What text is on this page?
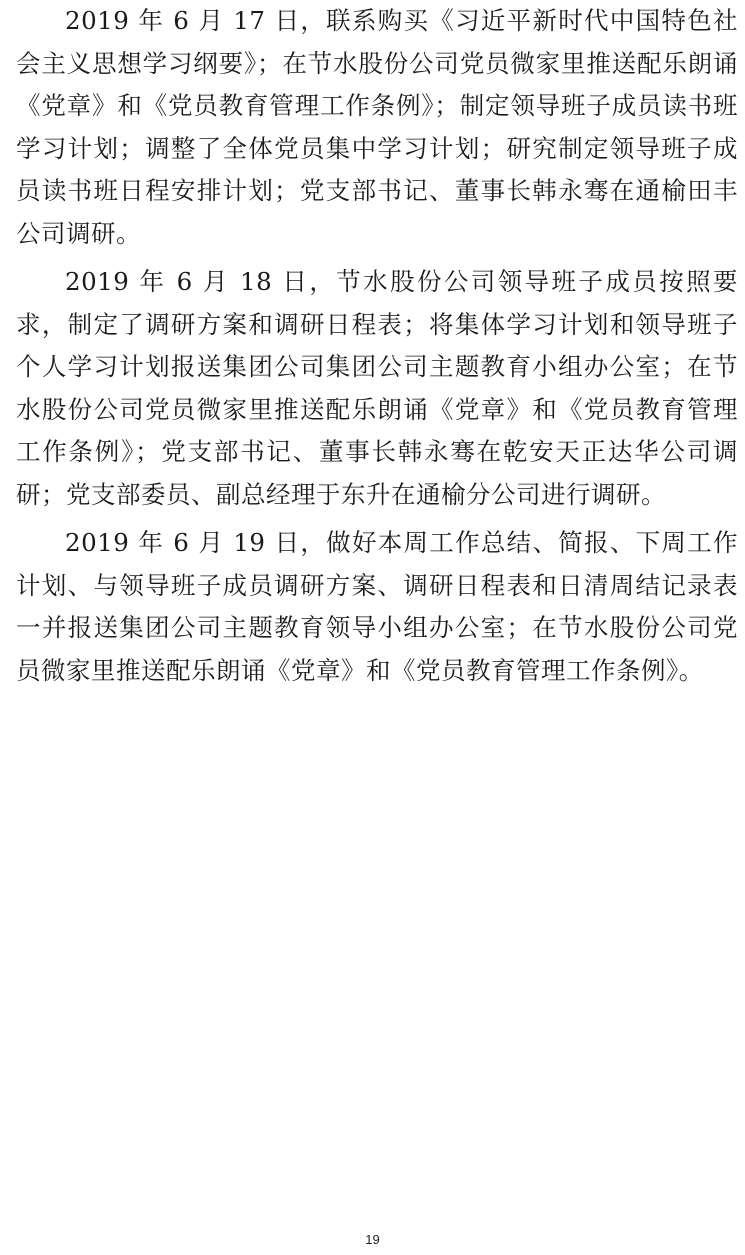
2019 年 6 月 17 日，联系购买《习近平新时代中国特色社会主义思想学习纲要》；在节水股份公司党员微家里推送配乐朗诵《党章》和《党员教育管理工作条例》；制定领导班子成员读书班学习计划；调整了全体党员集中学习计划；研究制定领导班子成员读书班日程安排计划；党支部书记、董事长韩永骞在通榆田丰公司调研。

2019 年 6 月 18 日，节水股份公司领导班子成员按照要求，制定了调研方案和调研日程表；将集体学习计划和领导班子个人学习计划报送集团公司集团公司主题教育小组办公室；在节水股份公司党员微家里推送配乐朗诵《党章》和《党员教育管理工作条例》；党支部书记、董事长韩永骞在乾安天正达华公司调研；党支部委员、副总经理于东升在通榆分公司进行调研。

2019 年 6 月 19 日，做好本周工作总结、简报、下周工作计划、与领导班子成员调研方案、调研日程表和日清周结记录表一并报送集团公司主题教育领导小组办公室；在节水股份公司党员微家里推送配乐朗诵《党章》和《党员教育管理工作条例》。

19
